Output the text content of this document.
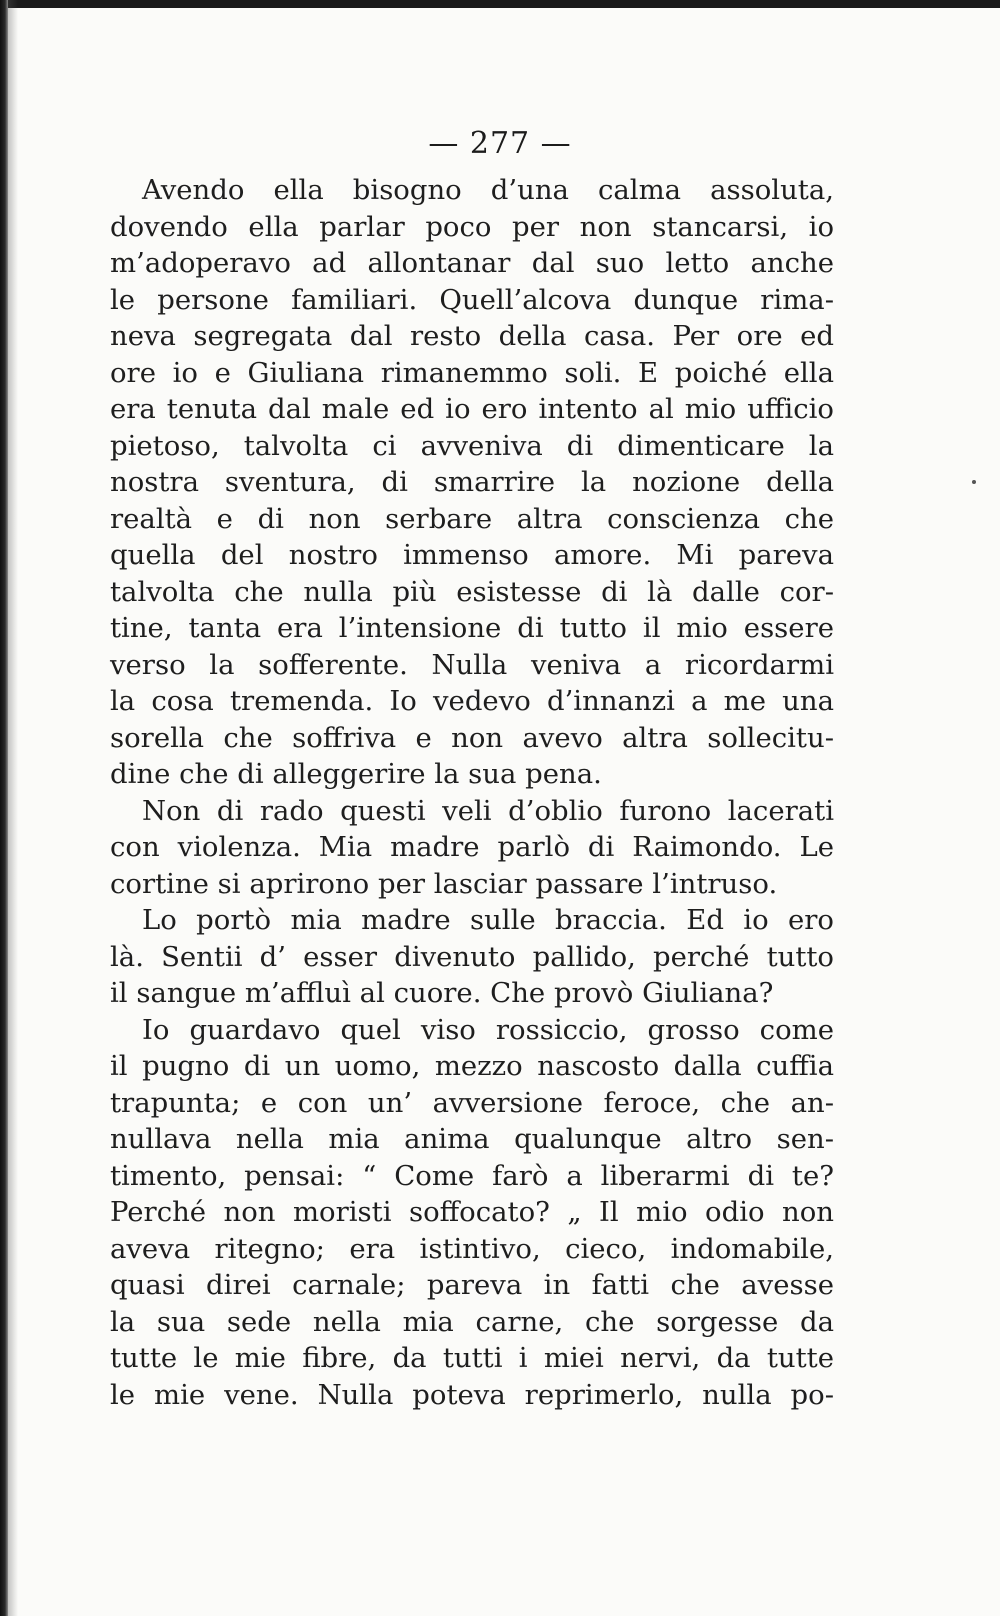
— 277 —
Avendo ella bisogno d’una calma assoluta,
dovendo ella parlar poco per non stancarsi, io
m’adoperavo ad allontanar dal suo letto anche
le persone familiari. Quell’alcova dunque rima-
neva segregata dal resto della casa. Per ore ed
ore io e Giuliana rimanemmo soli. E poiché ella
era tenuta dal male ed io ero intento al mio ufficio
pietoso, talvolta ci avveniva di dimenticare la
nostra sventura, di smarrire la nozione della
realtà e di non serbare altra conscienza che
quella del nostro immenso amore. Mi pareva
talvolta che nulla più esistesse di là dalle cor-
tine, tanta era l’intensione di tutto il mio essere
verso la sofferente. Nulla veniva a ricordarmi
la cosa tremenda. Io vedevo d’innanzi a me una
sorella che soffriva e non avevo altra sollecitu-
dine che di alleggerire la sua pena.
Non di rado questi veli d’oblio furono lacerati
con violenza. Mia madre parlò di Raimondo. Le
cortine si aprirono per lasciar passare l’intruso.
Lo portò mia madre sulle braccia. Ed io ero
là. Sentii d’ esser divenuto pallido, perché tutto
il sangue m’affluì al cuore. Che provò Giuliana?
Io guardavo quel viso rossiccio, grosso come
il pugno di un uomo, mezzo nascosto dalla cuffia
trapunta; e con un’ avversione feroce, che an-
nullava nella mia anima qualunque altro sen-
timento, pensai: “ Come farò a liberarmi di te?
Perché non moristi soffocato? „ Il mio odio non
aveva ritegno; era istintivo, cieco, indomabile,
quasi direi carnale; pareva in fatti che avesse
la sua sede nella mia carne, che sorgesse da
tutte le mie fibre, da tutti i miei nervi, da tutte
le mie vene. Nulla poteva reprimerlo, nulla po-
